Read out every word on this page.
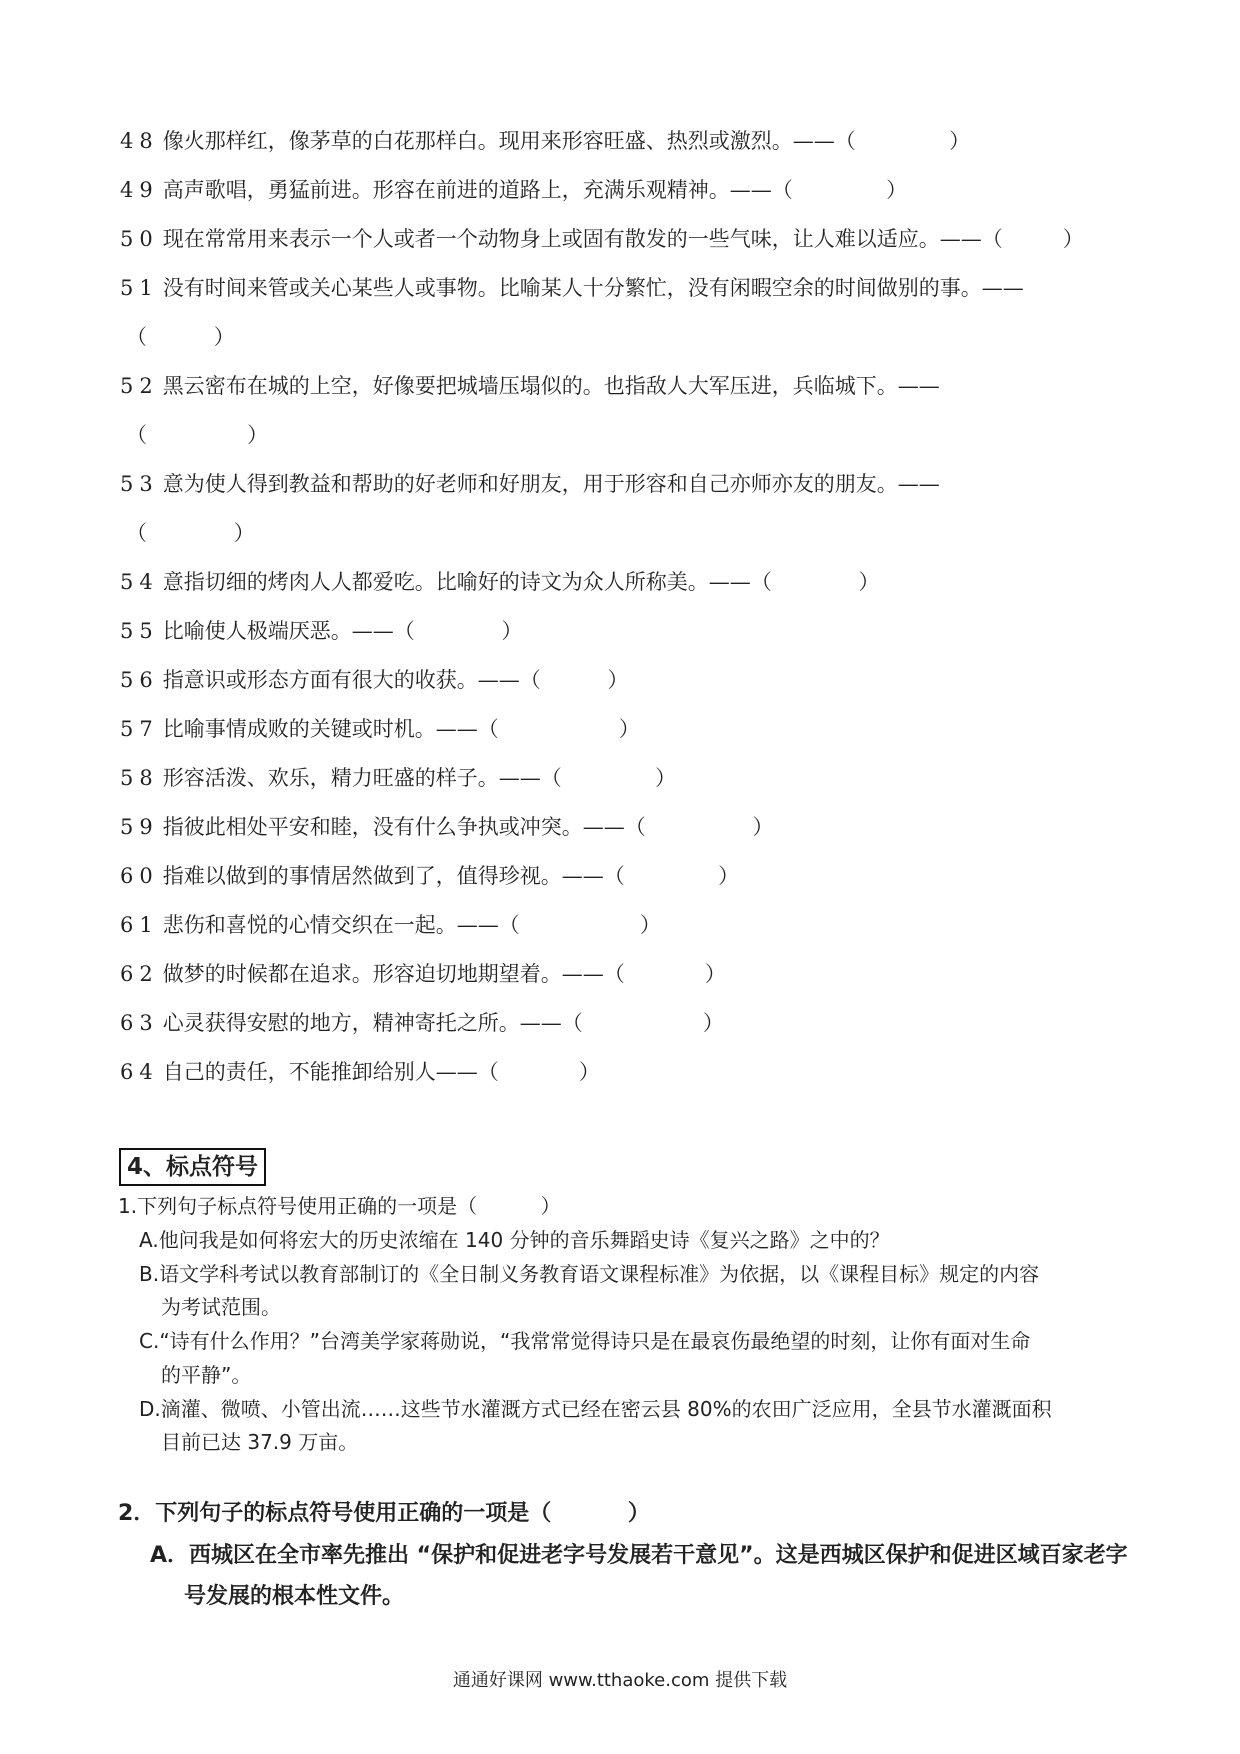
48 像火那样红，像茅草的白花那样白。现用来形容旺盛、热烈或激烈。——（              ）
49 高声歌唱，勇猛前进。形容在前进的道路上，充满乐观精神。——（              ）
50 现在常常用来表示一个人或者一个动物身上或固有散发的一些气味，让人难以适应。——（         ）
51 没有时间来管或关心某些人或事物。比喻某人十分繁忙，没有闲暇空余的时间做别的事。——
（          ）
52 黑云密布在城的上空，好像要把城墙压塌似的。也指敌人大军压进，兵临城下。——
（               ）
53 意为使人得到教益和帮助的好老师和好朋友，用于形容和自己亦师亦友的朋友。——
（             ）
54 意指切细的烤肉人人都爱吃。比喻好的诗文为众人所称美。——（             ）
55 比喻使人极端厌恶。——（             ）
56 指意识或形态方面有很大的收获。——（          ）
57 比喻事情成败的关键或时机。——（                  ）
58 形容活泼、欢乐，精力旺盛的样子。——（              ）
59 指彼此相处平安和睦，没有什么争执或冲突。——（                ）
60 指难以做到的事情居然做到了，值得珍视。——（              ）
61 悲伤和喜悦的心情交织在一起。——（                  ）
62 做梦的时候都在追求。形容迫切地期望着。——（            ）
63 心灵获得安慰的地方，精神寄托之所。——（                  ）
64 自己的责任，不能推卸给别人——（            ）
4、标点符号
1.下列句子标点符号使用正确的一项是（          ）
A.他问我是如何将宏大的历史浓缩在 140 分钟的音乐舞蹈史诗《复兴之路》之中的？
B.语文学科考试以教育部制订的《全日制义务教育语文课程标准》为依据，以《课程目标》规定的内容
为考试范围。
C.“诗有什么作用？”台湾美学家蒋勋说，“我常常觉得诗只是在最哀伤最绝望的时刻，让你有面对生命
的平静”。
D.滴灌、微喷、小管出流……这些节水灌溉方式已经在密云县 80%的农田广泛应用，全县节水灌溉面积
目前已达 37.9 万亩。
2．下列句子的标点符号使用正确的一项是（          ）
A．西城区在全市率先推出 “保护和促进老字号发展若干意见”。这是西城区保护和促进区域百家老字
号发展的根本性文件。
通通好课网 www.tthaoke.com 提供下载
